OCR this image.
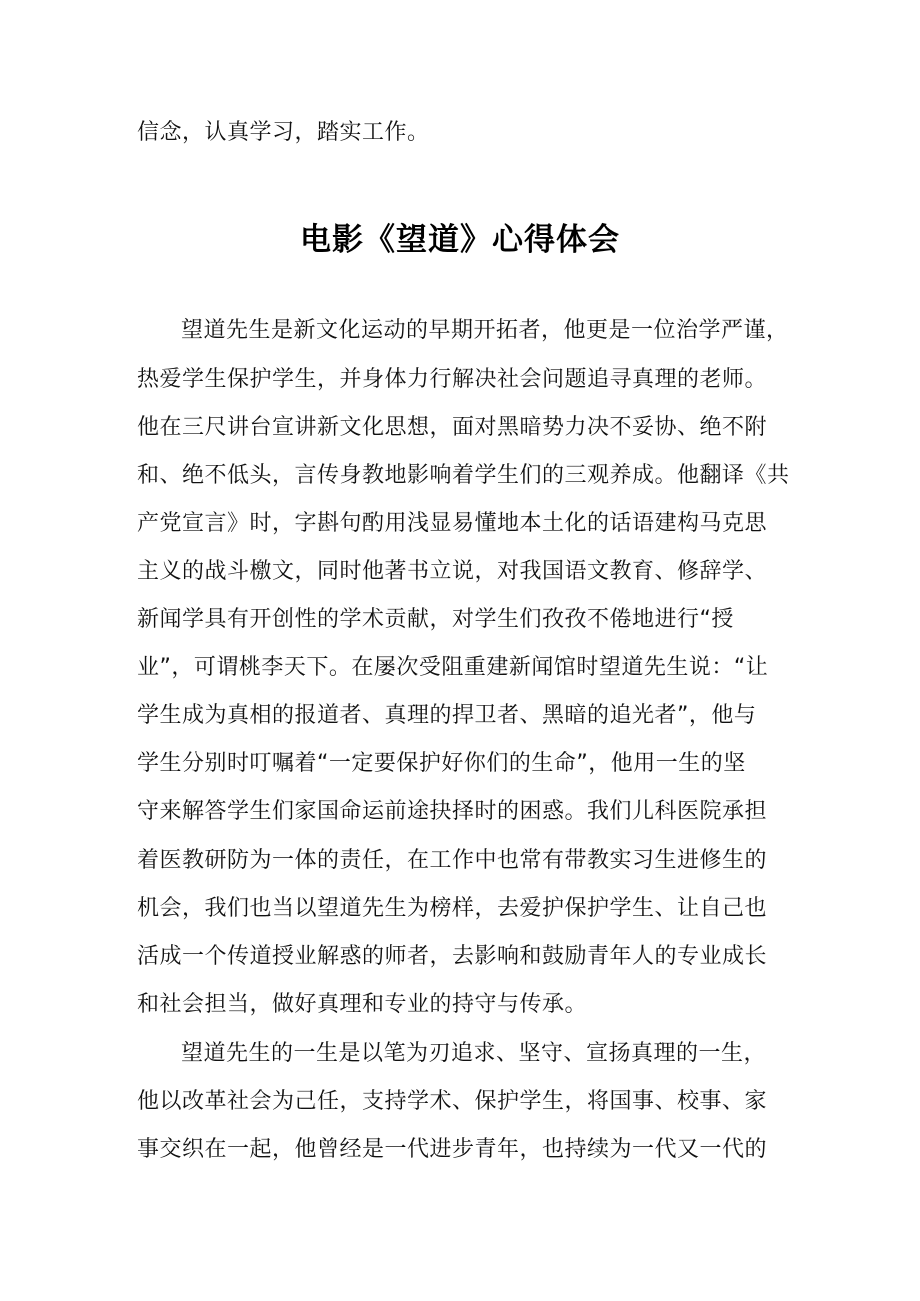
信念，认真学习，踏实工作。
电影《望道》心得体会
望道先生是新文化运动的早期开拓者，他更是一位治学严谨，
热爱学生保护学生，并身体力行解决社会问题追寻真理的老师。
他在三尺讲台宣讲新文化思想，面对黑暗势力决不妥协、绝不附
和、绝不低头，言传身教地影响着学生们的三观养成。他翻译《共
产党宣言》时，字斟句酌用浅显易懂地本土化的话语建构马克思
主义的战斗檄文，同时他著书立说，对我国语文教育、修辞学、
新闻学具有开创性的学术贡献，对学生们孜孜不倦地进行“授
业”，可谓桃李天下。在屡次受阻重建新闻馆时望道先生说：“让
学生成为真相的报道者、真理的捍卫者、黑暗的追光者”，他与
学生分别时叮嘱着“一定要保护好你们的生命”，他用一生的坚
守来解答学生们家国命运前途抉择时的困惑。我们儿科医院承担
着医教研防为一体的责任，在工作中也常有带教实习生进修生的
机会，我们也当以望道先生为榜样，去爱护保护学生、让自己也
活成一个传道授业解惑的师者，去影响和鼓励青年人的专业成长
和社会担当，做好真理和专业的持守与传承。
望道先生的一生是以笔为刃追求、坚守、宣扬真理的一生，
他以改革社会为己任，支持学术、保护学生，将国事、校事、家
事交织在一起，他曾经是一代进步青年，也持续为一代又一代的
